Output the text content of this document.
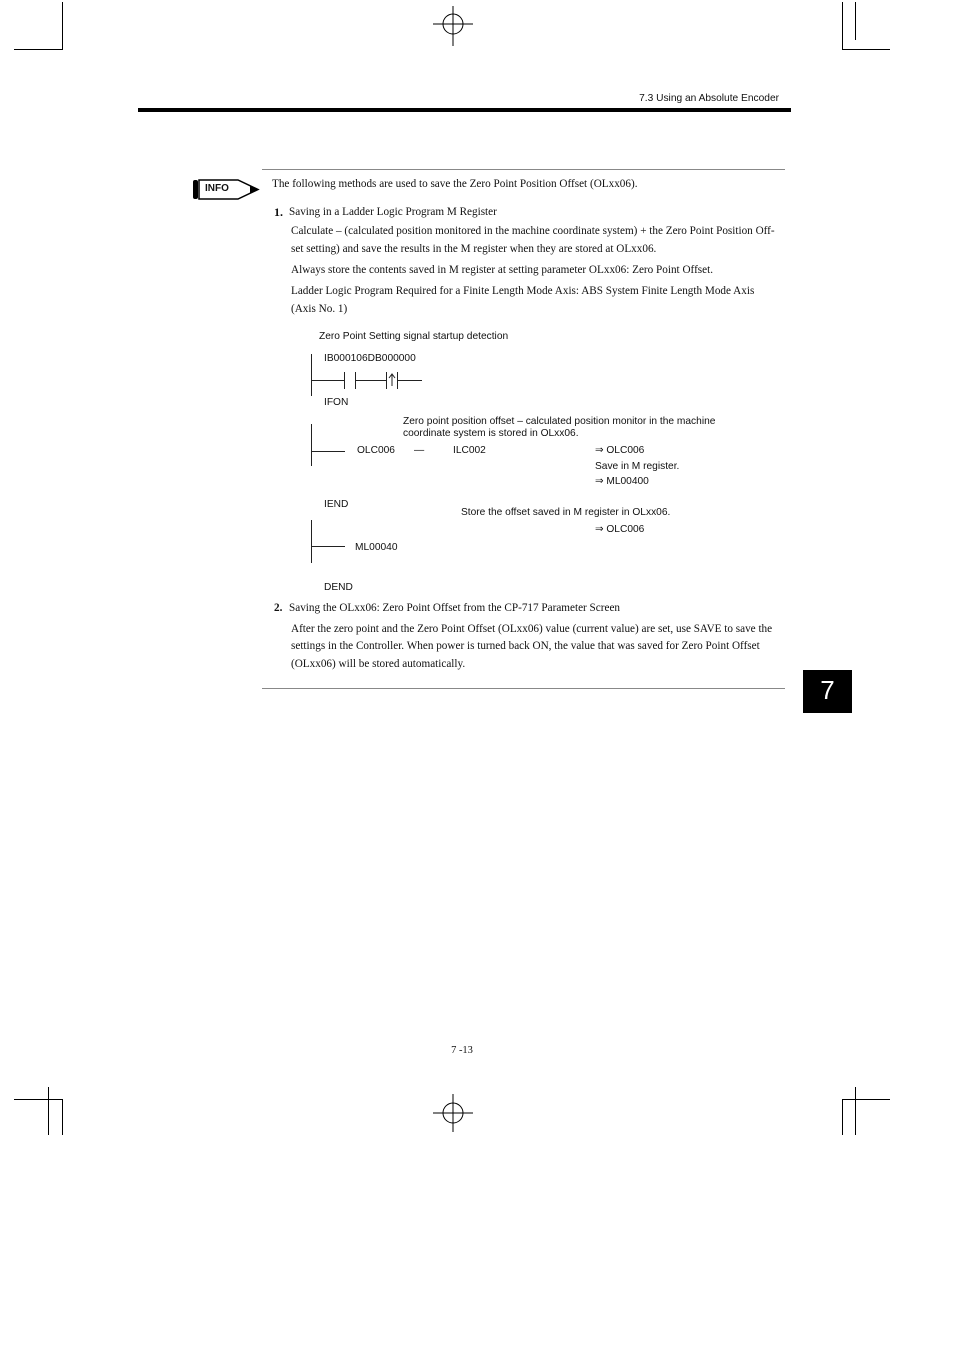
7.3 Using an Absolute Encoder
INFO	The following methods are used to save the Zero Point Position Offset (OLxx06).
1. Saving in a Ladder Logic Program M Register
Calculate – (calculated position monitored in the machine coordinate system) + the Zero Point Position Off-
set setting) and save the results in the M register when they are stored at OLxx06.
Always store the contents saved in M register at setting parameter OLxx06: Zero Point Offset.
Ladder Logic Program Required for a Finite Length Mode Axis: ABS System Finite Length Mode Axis
(Axis No. 1)
Zero Point Setting signal startup detection
IB000106DB000000
IFON
Zero point position offset – calculated position monitor in the machine
coordinate system is stored in OLxx06.
OLC006 —	ILC002	⇒ OLC006
Save in M register.
⇒ ML00400
IEND
Store the offset saved in M register in OLxx06.
⇒ OLC006
ML00040
DEND
2. Saving the OLxx06: Zero Point Offset from the CP-717 Parameter Screen
After the zero point and the Zero Point Offset (OLxx06) value (current value) are set, use SAVE to save the
settings in the Controller. When power is turned back ON, the value that was saved for Zero Point Offset
(OLxx06) will be stored automatically.
7
7 -13
